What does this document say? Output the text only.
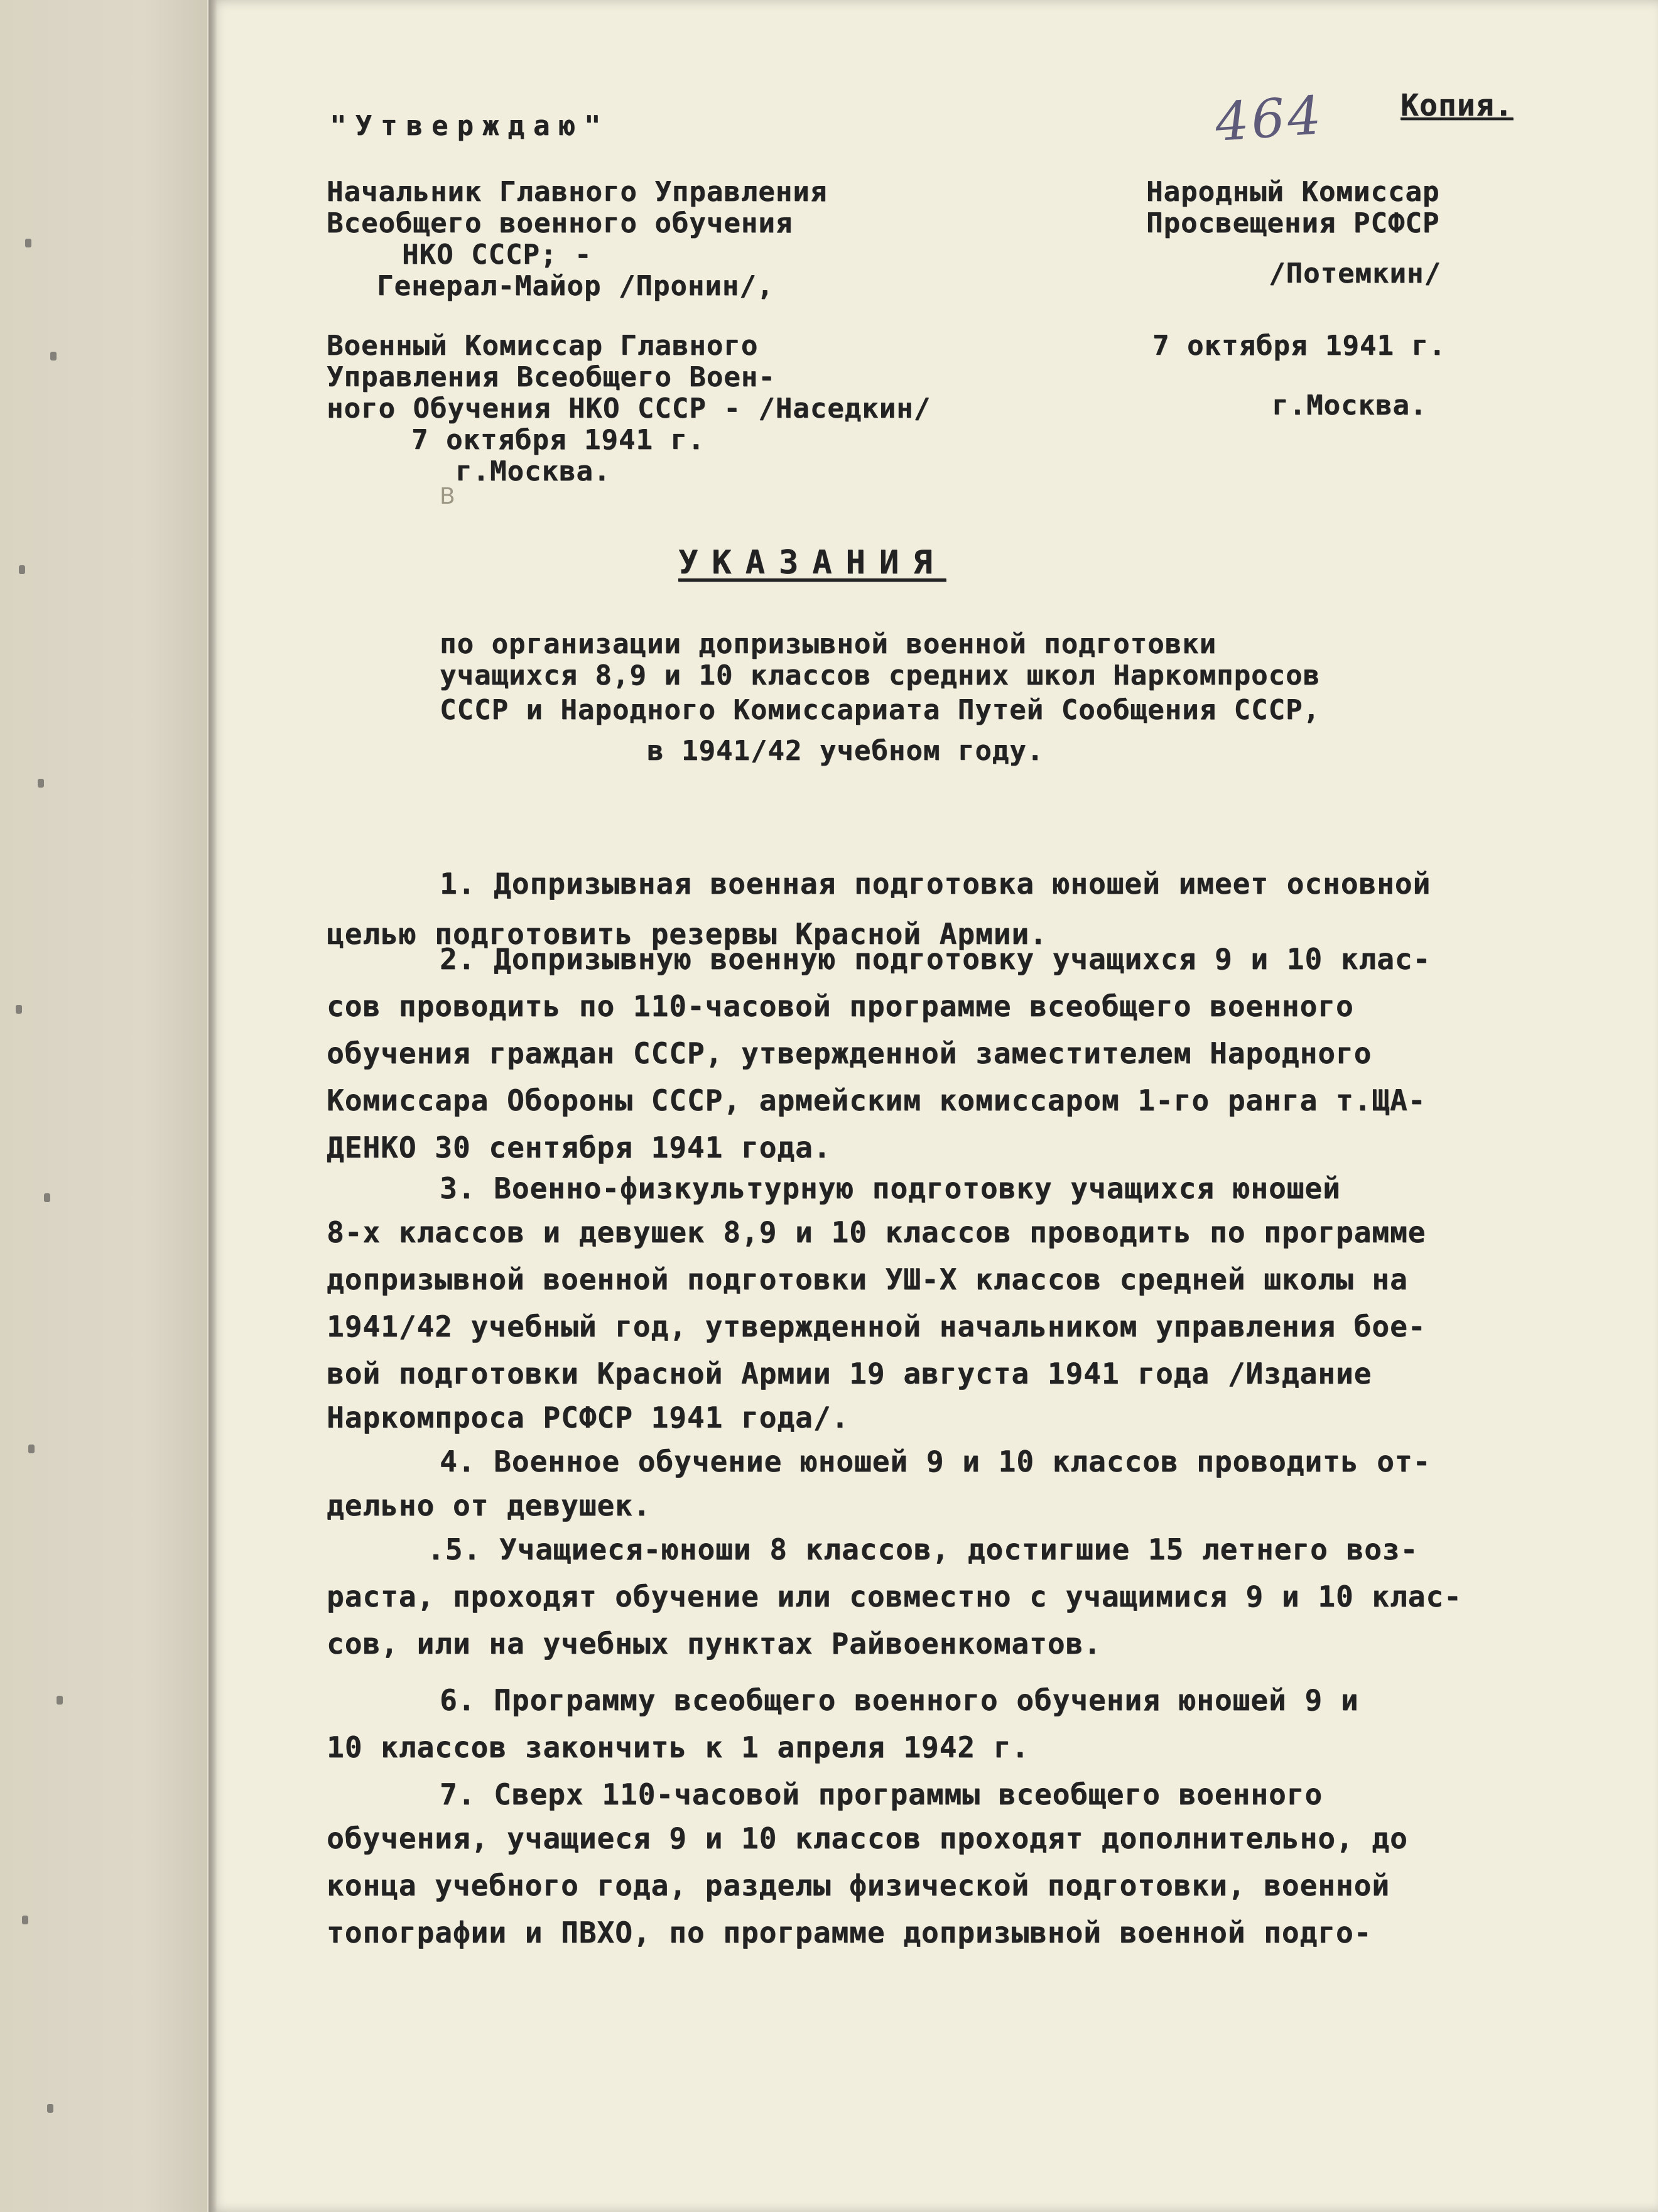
"Утверждаю"
Начальник Главного Управления
Всеобщего военного обучения
НКО СССР; -
Генерал-Майор /Пронин/,
Военный Комиссар Главного
Управления Всеобщего Воен-
ного Обучения НКО СССР - /Наседкин/
7 октября 1941 г.
г.Москва.
464 Копия.
Народный Комиссар
Просвещения РСФСР
/Потемкин/
7 октября 1941 г.
г.Москва.
В
УКАЗАНИЯ
по организации допризывной военной подготовки
учащихся 8,9 и 10 классов средних школ Наркомпросов
СССР и Народного Комиссариата Путей Сообщения СССР,
в 1941/42 учебном году.
1. Допризывная военная подготовка юношей имеет основной
целью подготовить резервы Красной Армии.
2. Допризывную военную подготовку учащихся 9 и 10 клас-
сов проводить по 110-часовой программе всеобщего военного
обучения граждан СССР, утвержденной заместителем Народного
Комиссара Обороны СССР, армейским комиссаром 1-го ранга т.ЩА-
ДЕНКО 30 сентября 1941 года.
3. Военно-физкультурную подготовку учащихся юношей
8-х классов и девушек 8,9 и 10 классов проводить по программе
допризывной военной подготовки УШ-Х классов средней школы на
1941/42 учебный год, утвержденной начальником управления бое-
вой подготовки Красной Армии 19 августа 1941 года /Издание
Наркомпроса РСФСР 1941 года/.
4. Военное обучение юношей 9 и 10 классов проводить от-
дельно от девушек.
.5. Учащиеся-юноши 8 классов, достигшие 15 летнего воз-
раста, проходят обучение или совместно с учащимися 9 и 10 клас-
сов, или на учебных пунктах Райвоенкоматов.
6. Программу всеобщего военного обучения юношей 9 и
10 классов закончить к 1 апреля 1942 г.
7. Сверх 110-часовой программы всеобщего военного
обучения, учащиеся 9 и 10 классов проходят дополнительно, до
конца учебного года, разделы физической подготовки, военной
топографии и ПВХО, по программе допризывной военной подго-
